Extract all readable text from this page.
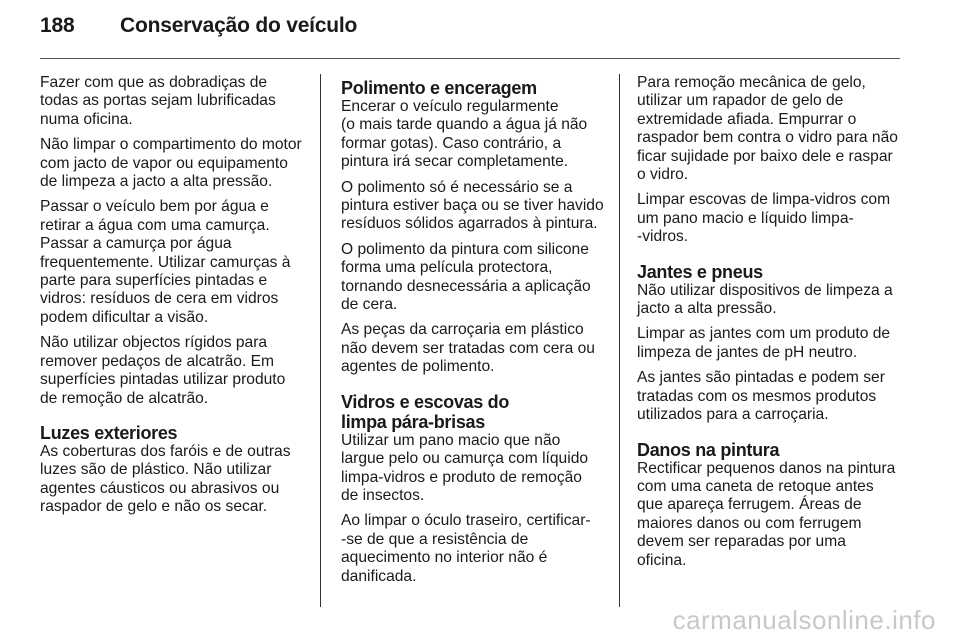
188 Conservação do veículo

Fazer com que as dobradiças de
todas as portas sejam lubrificadas
numa oficina.

Não limpar o compartimento do motor
com jacto de vapor ou equipamento
de limpeza a jacto a alta pressão.

Passar o veículo bem por água e
retirar a água com uma camurça.
Passar a camurça por água
frequentemente. Utilizar camurças à
parte para superfícies pintadas e
vidros: resíduos de cera em vidros
podem dificultar a visão.

Não utilizar objectos rígidos para
remover pedaços de alcatrão. Em
superfícies pintadas utilizar produto
de remoção de alcatrão.

Luzes exteriores

As coberturas dos faróis e de outras
luzes são de plástico. Não utilizar
agentes cáusticos ou abrasivos ou
raspador de gelo e não os secar.

Polimento e enceragem

Encerar o veículo regularmente
(o mais tarde quando a água já não
formar gotas). Caso contrário, a
pintura irá secar completamente.

O polimento só é necessário se a
pintura estiver baça ou se tiver havido
resíduos sólidos agarrados à pintura.

O polimento da pintura com silicone
forma uma película protectora,
tornando desnecessária a aplicação
de cera.

As peças da carroçaria em plástico
não devem ser tratadas com cera ou
agentes de polimento.

Vidros e escovas do
limpa pára-brisas

Utilizar um pano macio que não
largue pelo ou camurça com líquido
limpa-vidros e produto de remoção
de insectos.

Ao limpar o óculo traseiro, certificar-
-se de que a resistência de
aquecimento no interior não é
danificada.

Para remoção mecânica de gelo,
utilizar um rapador de gelo de
extremidade afiada. Empurrar o
raspador bem contra o vidro para não
ficar sujidade por baixo dele e raspar
o vidro.

Limpar escovas de limpa-vidros com
um pano macio e líquido limpa-
-vidros.

Jantes e pneus

Não utilizar dispositivos de limpeza a
jacto a alta pressão.

Limpar as jantes com um produto de
limpeza de jantes de pH neutro.

As jantes são pintadas e podem ser
tratadas com os mesmos produtos
utilizados para a carroçaria.

Danos na pintura

Rectificar pequenos danos na pintura
com uma caneta de retoque antes
que apareça ferrugem. Áreas de
maiores danos ou com ferrugem
devem ser reparadas por uma
oficina.

carmanualsonline.info
